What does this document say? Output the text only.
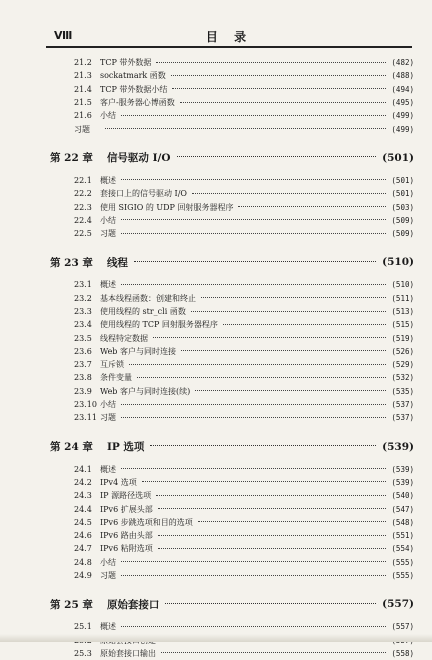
Ⅷ	目 录
21.2	TCP 带外数据	(482)
21.3	sockatmark 函数	(488)
21.4	TCP 带外数据小结	(494)
21.5	客户-服务器心博函数	(495)
21.6	小结	(499)
习题	(499)
第 22 章 信号驱动 I/O	(501)
22.1	概述	(501)
22.2	套接口上的信号驱动 I/O	(501)
22.3	使用 SIGIO 的 UDP 回射服务器程序	(503)
22.4	小结	(509)
22.5	习题	(509)
第 23 章 线程	(510)
23.1	概述	(510)
23.2	基本线程函数：创建和终止	(511)
23.3	使用线程的 str_cli 函数	(513)
23.4	使用线程的 TCP 回射服务器程序	(515)
23.5	线程特定数据	(519)
23.6	Web 客户与同时连接	(526)
23.7	互斥锁	(529)
23.8	条件变量	(532)
23.9	Web 客户与同时连接(续)	(535)
23.10 小结	(537)
23.11 习题	(537)
第 24 章 IP 选项	(539)
24.1	概述	(539)
24.2	IPv4 选项	(539)
24.3	IP 源路径选项	(540)
24.4	IPv6 扩展头部	(547)
24.5	IPv6 步跳选项和目的选项	(548)
24.6	IPv6 路由头部	(551)
24.7	IPv6 粘附选项	(554)
24.8	小结	(555)
24.9	习题	(555)
第 25 章 原始套接口	(557)
25.1	概述	(557)
25.3	原始套接口输出	(558)
